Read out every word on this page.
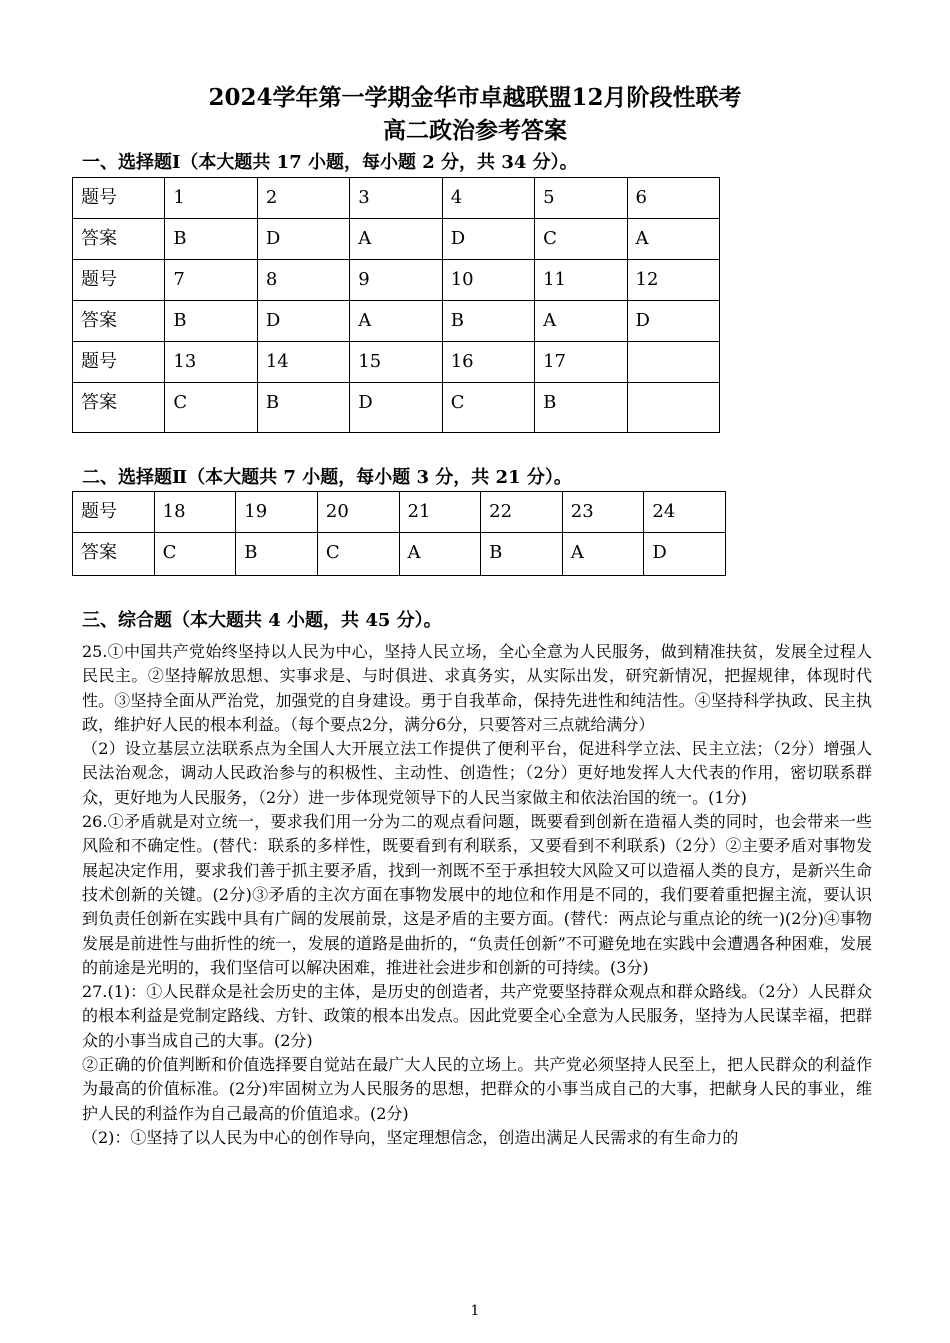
2024学年第一学期金华市卓越联盟12月阶段性联考
高二政治参考答案
一、选择题Ⅰ（本大题共 17 小题，每小题 2 分，共 34 分）。
题号	1	2	3	4	5	6
答案	B	D	A	D	C	A
题号	7	8	9	10	11	12
答案	B	D	A	B	A	D
题号	13	14	15	16	17	
答案	C	B	D	C	B	
二、选择题Ⅱ（本大题共 7 小题，每小题 3 分，共 21 分）。
题号	18	19	20	21	22	23	24
答案	C	B	C	A	B	A	D
三、综合题（本大题共 4 小题，共 45 分）。

25.①中国共产党始终坚持以人民为中心，坚持人民立场，全心全意为人民服务，做到精准扶贫，发展全过程人民民主。②坚持解放思想、实事求是、与时俱进、求真务实，从实际出发，研究新情况，把握规律，体现时代性。③坚持全面从严治党，加强党的自身建设。勇于自我革命，保持先进性和纯洁性。④坚持科学执政、民主执政，维护好人民的根本利益。（每个要点2分，满分6分，只要答对三点就给满分）

（2）设立基层立法联系点为全国人大开展立法工作提供了便利平台，促进科学立法、民主立法；（2分）增强人民法治观念，调动人民政治参与的积极性、主动性、创造性；（2分）更好地发挥人大代表的作用，密切联系群众，更好地为人民服务，（2分）进一步体现党领导下的人民当家做主和依法治国的统一。(1分)

26.①矛盾就是对立统一，要求我们用一分为二的观点看问题，既要看到创新在造福人类的同时，也会带来一些风险和不确定性。(替代：联系的多样性，既要看到有利联系，又要看到不利联系)（2分）②主要矛盾对事物发展起决定作用，要求我们善于抓主要矛盾，找到一剂既不至于承担较大风险又可以造福人类的良方，是新兴生命技术创新的关键。(2分)③矛盾的主次方面在事物发展中的地位和作用是不同的，我们要着重把握主流，要认识到负责任创新在实践中具有广阔的发展前景，这是矛盾的主要方面。(替代：两点论与重点论的统一)(2分)④事物发展是前进性与曲折性的统一，发展的道路是曲折的，“负责任创新”不可避免地在实践中会遭遇各种困难，发展的前途是光明的，我们坚信可以解决困难，推进社会进步和创新的可持续。(3分)

27.(1)：①人民群众是社会历史的主体，是历史的创造者，共产党要坚持群众观点和群众路线。（2分）人民群众的根本利益是党制定路线、方针、政策的根本出发点。因此党要全心全意为人民服务，坚持为人民谋幸福，把群众的小事当成自己的大事。(2分)

②正确的价值判断和价值选择要自觉站在最广大人民的立场上。共产党必须坚持人民至上，把人民群众的利益作为最高的价值标准。(2分)牢固树立为人民服务的思想，把群众的小事当成自己的大事，把献身人民的事业，维护人民的利益作为自己最高的价值追求。(2分)

（2)：①坚持了以人民为中心的创作导向，坚定理想信念，创造出满足人民需求的有生命力的

1
